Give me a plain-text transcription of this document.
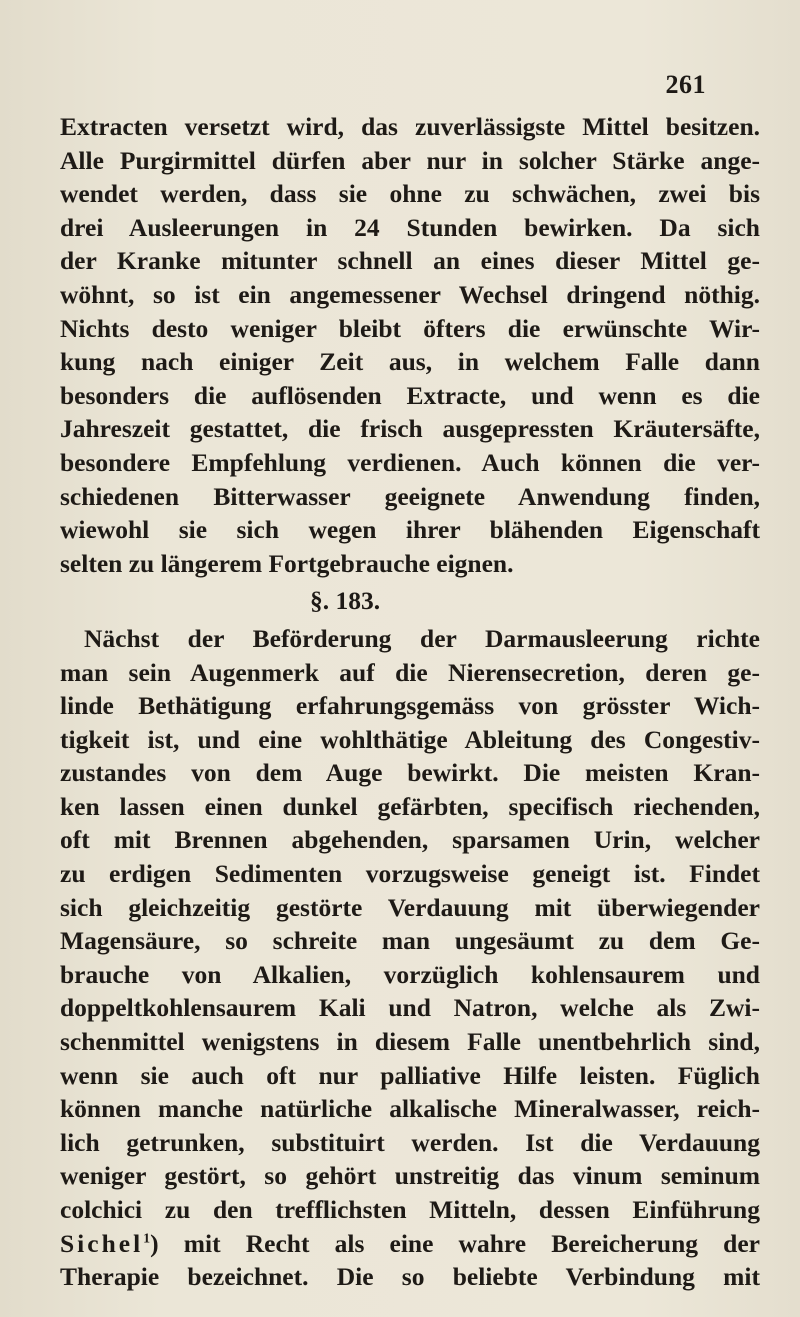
261
Extracten versetzt wird, das zuverlässigste Mittel besitzen.
Alle Purgirmittel dürfen aber nur in solcher Stärke ange-
wendet werden, dass sie ohne zu schwächen, zwei bis
drei Ausleerungen in 24 Stunden bewirken. Da sich
der Kranke mitunter schnell an eines dieser Mittel ge-
wöhnt, so ist ein angemessener Wechsel dringend nöthig.
Nichts desto weniger bleibt öfters die erwünschte Wir-
kung nach einiger Zeit aus, in welchem Falle dann
besonders die auflösenden Extracte, und wenn es die
Jahreszeit gestattet, die frisch ausgepressten Kräutersäfte,
besondere Empfehlung verdienen. Auch können die ver-
schiedenen Bitterwasser geeignete Anwendung finden,
wiewohl sie sich wegen ihrer blähenden Eigenschaft
selten zu längerem Fortgebrauche eignen.
§. 183.
Nächst der Beförderung der Darmausleerung richte
man sein Augenmerk auf die Nierensecretion, deren ge-
linde Bethätigung erfahrungsgemäss von grösster Wich-
tigkeit ist, und eine wohlthätige Ableitung des Congestiv-
zustandes von dem Auge bewirkt. Die meisten Kran-
ken lassen einen dunkel gefärbten, specifisch riechenden,
oft mit Brennen abgehenden, sparsamen Urin, welcher
zu erdigen Sedimenten vorzugsweise geneigt ist. Findet
sich gleichzeitig gestörte Verdauung mit überwiegender
Magensäure, so schreite man ungesäumt zu dem Ge-
brauche von Alkalien, vorzüglich kohlensaurem und
doppeltkohlensaurem Kali und Natron, welche als Zwi-
schenmittel wenigstens in diesem Falle unentbehrlich sind,
wenn sie auch oft nur palliative Hilfe leisten. Füglich
können manche natürliche alkalische Mineralwasser, reich-
lich getrunken, substituirt werden. Ist die Verdauung
weniger gestört, so gehört unstreitig das vinum seminum
colchici zu den trefflichsten Mitteln, dessen Einführung
Sichel$^1$) mit Recht als eine wahre Bereicherung der
Therapie bezeichnet. Die so beliebte Verbindung mit
